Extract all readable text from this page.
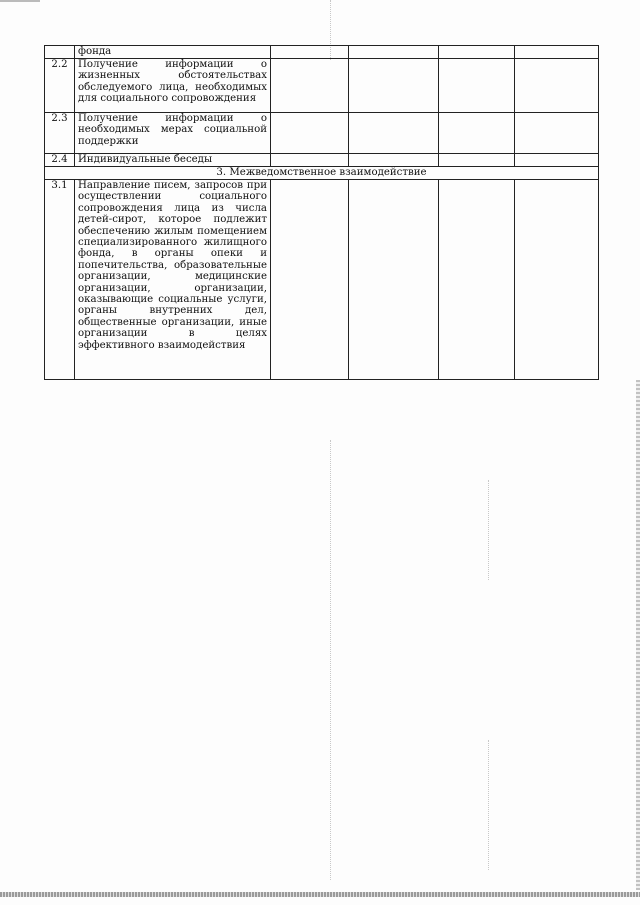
	фонда				
2.2	Получение информации о жизненных обстоятельствах обследуемого лица, необходимых для социального сопровождения				
2.3	Получение информации о необходимых мерах социальной поддержки				
2.4	Индивидуальные беседы				
3. Межведомственное взаимодействие					
3.1	Направление писем, запросов при осуществлении социального сопровождения лица из числа детей-сирот, которое подлежит обеспечению жилым помещением специализированного жилищного фонда, в органы опеки и попечительства, образовательные организации, медицинские организации, организации, оказывающие социальные услуги, органы внутренних дел, общественные организации, иные организации в целях эффективного взаимодействия				
